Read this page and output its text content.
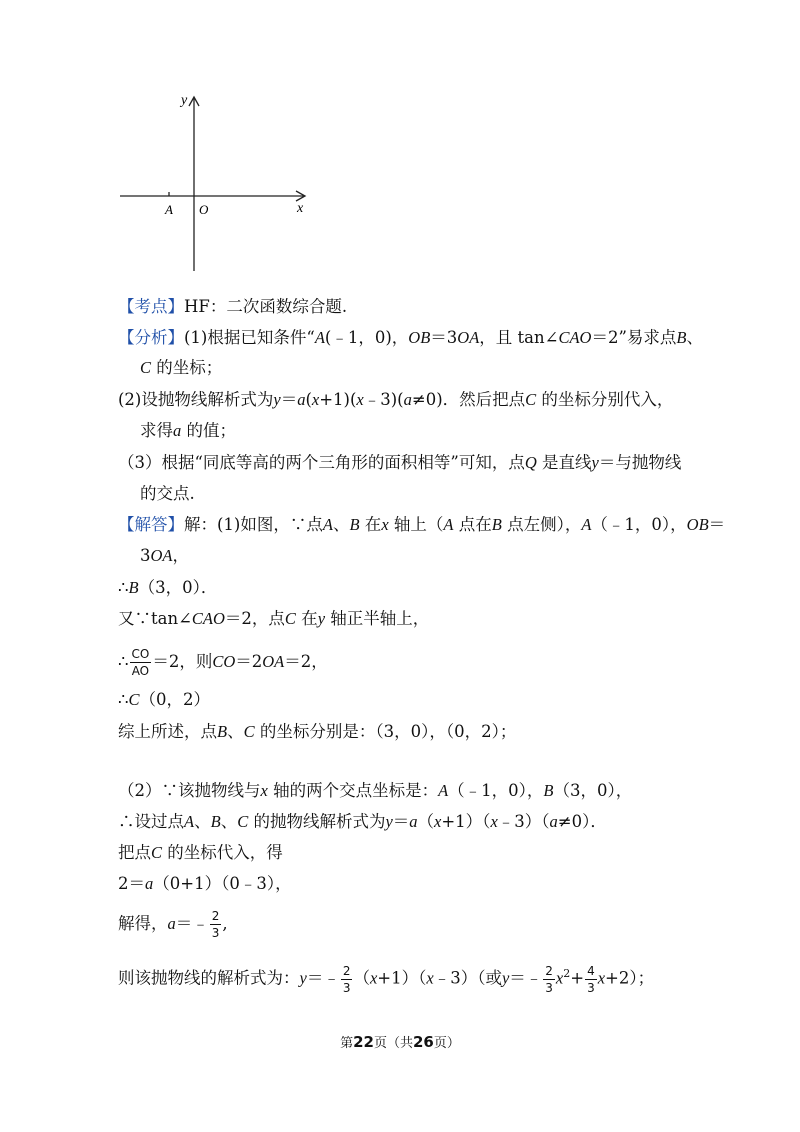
y
x
O
A
【考点】HF：二次函数综合题.
【分析】(1)根据已知条件“A(﹣1，0)，OB＝3OA，且 tan∠CAO＝2”易求点B、
C 的坐标；
(2)设抛物线解析式为y＝a(x+1)(x﹣3)(a≠0)．然后把点C 的坐标分别代入，
求得a 的值；
（3）根据“同底等高的两个三角形的面积相等”可知，点Q 是直线y＝与抛物线
的交点.
【解答】解：(1)如图，∵点A、B 在x 轴上（A 点在B 点左侧），A（﹣1，0），OB＝
3OA，
∴B（3，0）．
又∵tan∠CAO＝2，点C 在y 轴正半轴上，
∴ $\frac{CO}{AO} =2$，则CO＝2OA＝2，
∴C（0，2）
综上所述，点B、C 的坐标分别是：（3，0），（0，2）；
（2）∵该抛物线与x 轴的两个交点坐标是：A（﹣1，0），B（3，0），
∴设过点A、B、C 的抛物线解析式为y＝a（x+1）（x﹣3）（a≠0）．
把点C 的坐标代入，得
2＝a（0+1）（0﹣3），
解得，a＝﹣ $\frac{2}{3}$ ,
则该抛物线的解析式为：y＝﹣ $\frac{2}{3}$ （x+1）（x﹣3）（或y＝﹣ $\frac{2}{3} x^2+ \frac{4}{3} x+2$）；
第22页（共26页）
